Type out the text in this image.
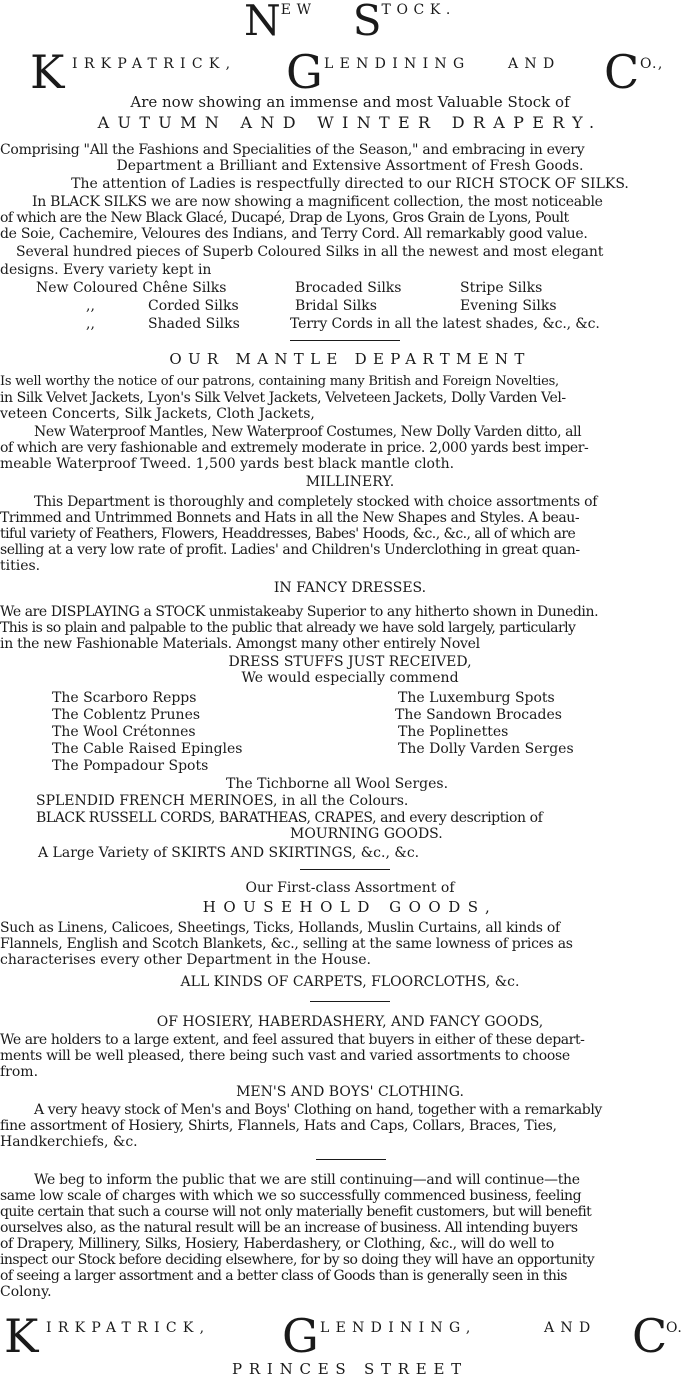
NEW STOCK.
K IRKPATRICK, G LENDINING	AND C O.,
Are now showing an immense and most Valuable Stock of
AUTUMN AND WINTER DRAPERY.
Comprising "All the Fashions and Specialities of the Season," and embracing in every
Department a Brilliant and Extensive Assortment of Fresh Goods.
The attention of Ladies is respectfully directed to our RICH STOCK OF SILKS.
In BLACK SILKS we are now showing a magnificent collection, the most noticeable
of which are the New Black Glacé, Ducapé, Drap de Lyons, Gros Grain de Lyons, Poult
de Soie, Cachemire, Veloures des Indians, and Terry Cord. All remarkably good value.
Several hundred pieces of Superb Coloured Silks in all the newest and most elegant
designs. Every variety kept in
New Coloured Chêne Silks
,,
,,
Corded Silks
Shaded Silks
Brocaded Silks
Bridal Silks
Terry Cords in all the latest shades, &c., &c.
Stripe Silks
Evening Silks
OUR MANTLE DEPARTMENT
Is well worthy the notice of our patrons, containing many British and Foreign Novelties,
in Silk Velvet Jackets, Lyon's Silk Velvet Jackets, Velveteen Jackets, Dolly Varden Vel-
veteen Concerts, Silk Jackets, Cloth Jackets,
New Waterproof Mantles, New Waterproof Costumes, New Dolly Varden ditto, all
of which are very fashionable and extremely moderate in price. 2,000 yards best imper-
meable Waterproof Tweed. 1,500 yards best black mantle cloth.
MILLINERY.
This Department is thoroughly and completely stocked with choice assortments of
Trimmed and Untrimmed Bonnets and Hats in all the New Shapes and Styles. A beau-
tiful variety of Feathers, Flowers, Headdresses, Babes' Hoods, &c., &c., all of which are
selling at a very low rate of profit. Ladies' and Children's Underclothing in great quan-
tities.
IN FANCY DRESSES.
We are DISPLAYING a STOCK unmistakeaby Superior to any hitherto shown in Dunedin.
This is so plain and palpable to the public that already we have sold largely, particularly
in the new Fashionable Materials. Amongst many other entirely Novel
DRESS STUFFS JUST RECEIVED,
We would especially commend
The Scarboro Repps
The Coblentz Prunes
The Wool Crétonnes
The Cable Raised Epingles
The Pompadour Spots
The Luxemburg Spots
The Sandown Brocades
The Poplinettes
The Dolly Varden Serges
The Tichborne all Wool Serges.
SPLENDID FRENCH MERINOES, in all the Colours.
BLACK RUSSELL CORDS, BARATHEAS, CRAPES, and every description of
MOURNING GOODS.
A Large Variety of SKIRTS AND SKIRTINGS, &c., &c.
Our First-class Assortment of
HOUSEHOLD GOODS,
Such as Linens, Calicoes, Sheetings, Ticks, Hollands, Muslin Curtains, all kinds of
Flannels, English and Scotch Blankets, &c., selling at the same lowness of prices as
characterises every other Department in the House.
ALL KINDS OF CARPETS, FLOORCLOTHS, &c.
OF HOSIERY, HABERDASHERY, AND FANCY GOODS,
We are holders to a large extent, and feel assured that buyers in either of these depart-
ments will be well pleased, there being such vast and varied assortments to choose
from.
MEN'S AND BOYS' CLOTHING.
A very heavy stock of Men's and Boys' Clothing on hand, together with a remarkably
fine assortment of Hosiery, Shirts, Flannels, Hats and Caps, Collars, Braces, Ties,
Handkerchiefs, &c.
We beg to inform the public that we are still continuing—and will continue—the
same low scale of charges with which we so successfully commenced business, feeling
quite certain that such a course will not only materially benefit customers, but will benefit
ourselves also, as the natural result will be an increase of business. All intending buyers
of Drapery, Millinery, Silks, Hosiery, Haberdashery, or Clothing, &c., will do well to
inspect our Stock before deciding elsewhere, for by so doing they will have an opportunity
of seeing a larger assortment and a better class of Goods than is generally seen in this
Colony.
K IRKPATRICK, G LENDINING,	AND C
O.
PRINCES STREET
